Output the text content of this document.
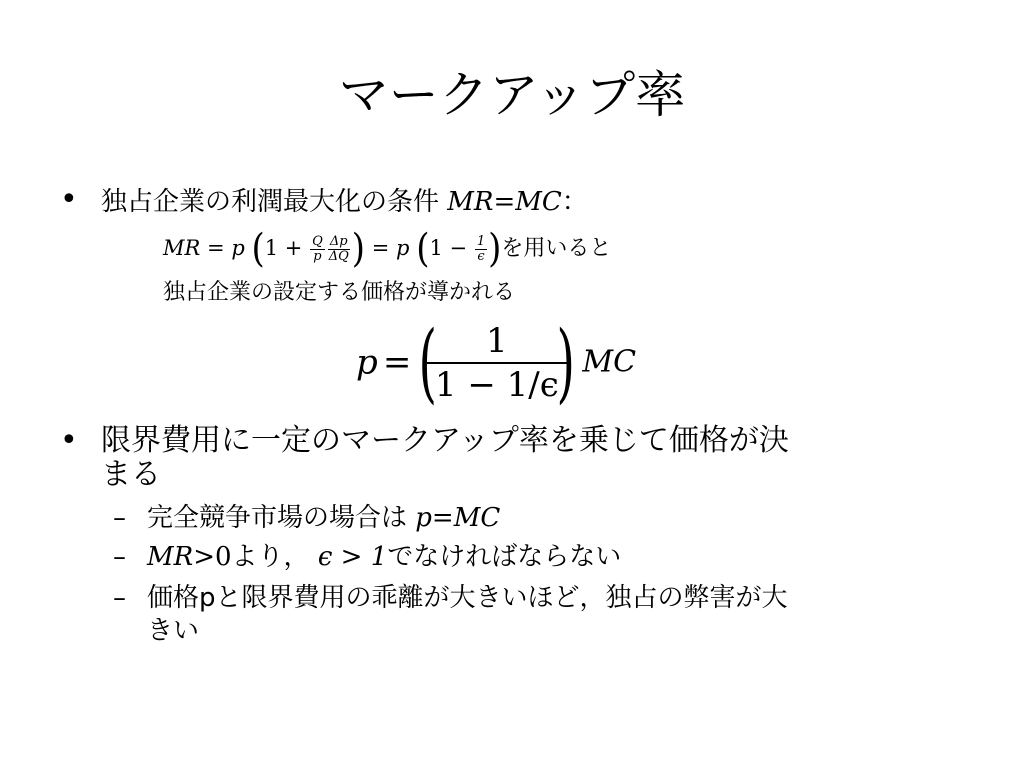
マークアップ率
• 独占企業の利潤最大化の条件 MR=MC：
MR = p ($1 + \frac{Q}{p} \frac{\Delta p}{\Delta Q}$ ) = p ($1 - \frac{1}{\epsilon}$ )を用いると
独占企業の設定する価格が導かれる
p =(
$\frac{1}{1 - 1/\epsilon}$
) MC
• 限界費用に一定のマークアップ率を乗じて価格が決
まる
– 完全競争市場の場合は p=MC
– MR>0より， ϵ > 1でなければならない
– 価格pと限界費用の乖離が大きいほど，独占の弊害が大
きい
